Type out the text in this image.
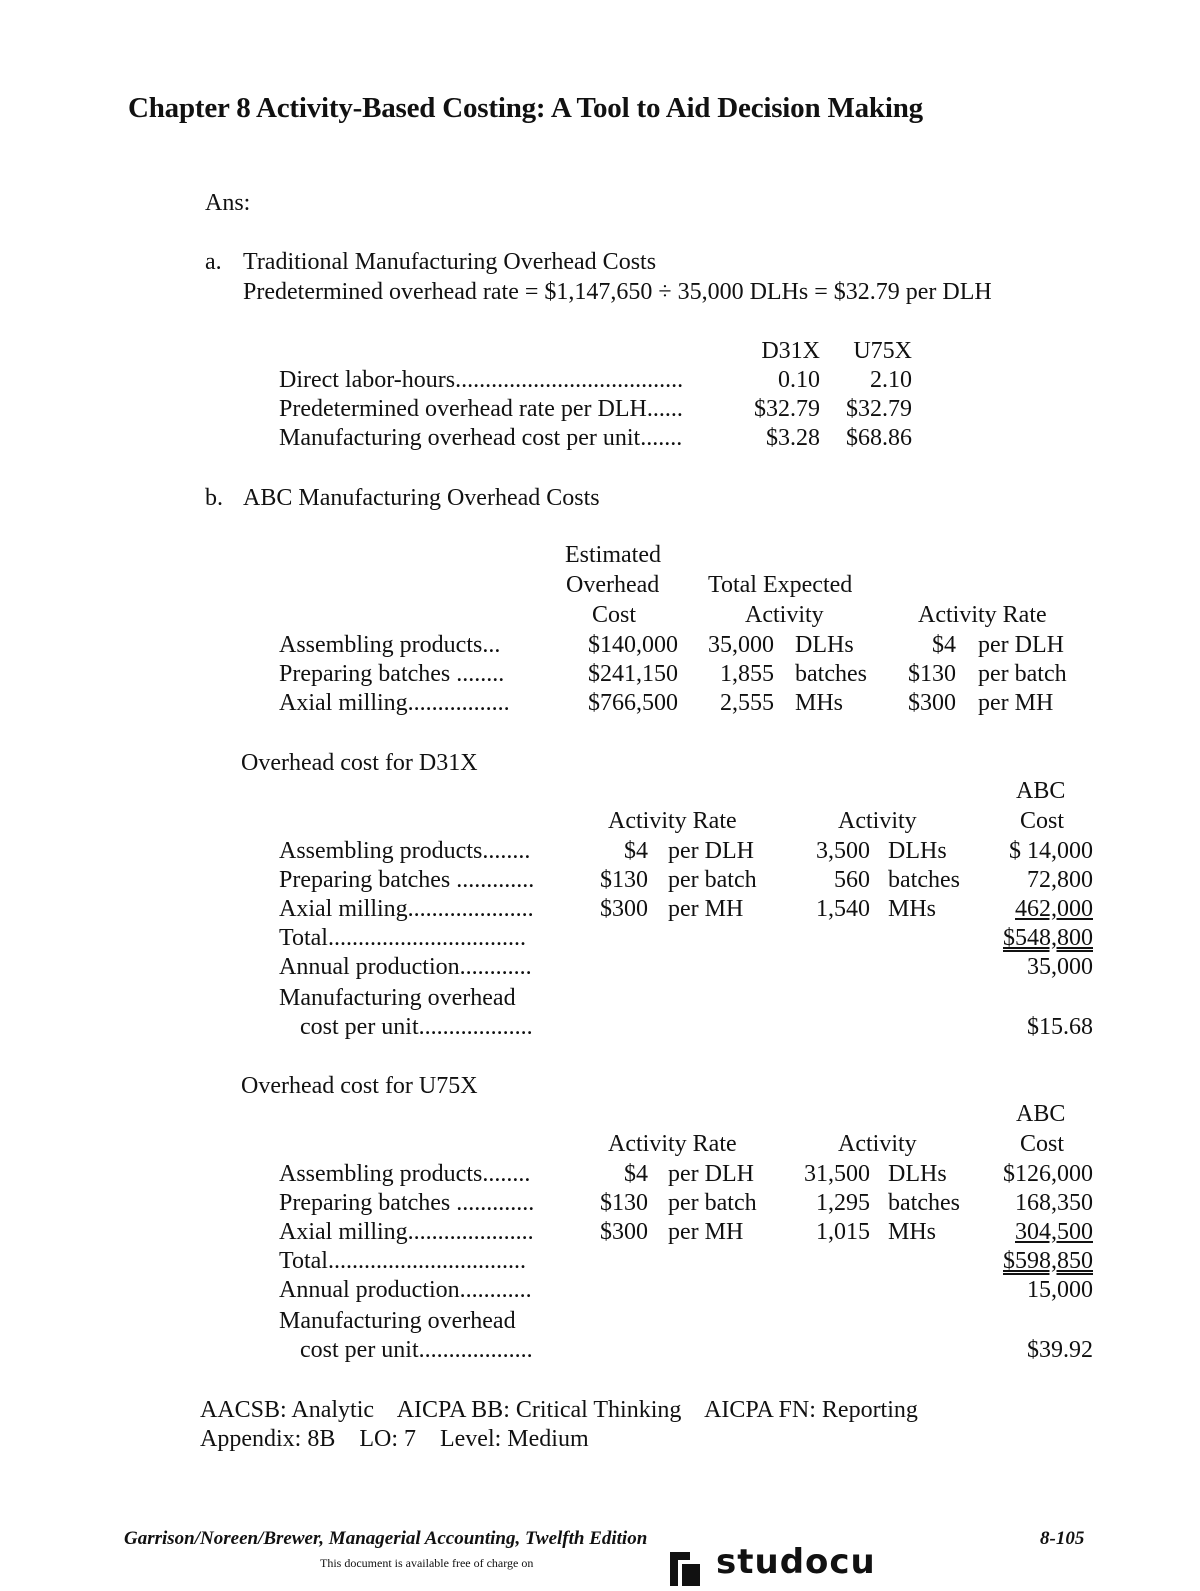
Chapter 8 Activity-Based Costing: A Tool to Aid Decision Making
Ans:
a. Traditional Manufacturing Overhead Costs
Predetermined overhead rate = $1,147,650 ÷ 35,000 DLHs = $32.79 per DLH
D31X	U75X
Direct labor-hours......................................	0.10	2.10
Predetermined overhead rate per DLH......	$32.79	$32.79
Manufacturing overhead cost per unit.......	$3.28	$68.86
b. ABC Manufacturing Overhead Costs
Estimated
Overhead
Cost
Total Expected
Activity	Activity Rate
Assembling products...	$140,000	35,000 DLHs	$4 per DLH
Preparing batches ........	$241,150	1,855 batches	$130 per batch
Axial milling.................	$766,500	2,555 MHs	$300 per MH
Overhead cost for D31X
ABC
Cost
Activity Rate	Activity
Assembling products........	$4 per DLH	3,500 DLHs	$ 14,000
Preparing batches .............	$130 per batch	560 batches	72,800
Axial milling.....................	$300 per MH	1,540 MHs	462,000
Total.................................	$548,800
Annual production............	35,000
Manufacturing overhead
cost per unit...................	$15.68
Overhead cost for U75X
ABC
Cost
Activity Rate	Activity
Assembling products........	$4 per DLH	31,500 DLHs	$126,000
Preparing batches .............	$130 per batch	1,295 batches	168,350
Axial milling.....................	$300 per MH	1,015 MHs	304,500
Total.................................	$598,850
Annual production............	15,000
Manufacturing overhead
cost per unit...................	$39.92
AACSB: Analytic    AICPA BB: Critical Thinking    AICPA FN: Reporting
Appendix: 8B    LO: 7    Level: Medium
Garrison/Noreen/Brewer, Managerial Accounting, Twelfth Edition
This document is available free of charge on	studocu
8-105
